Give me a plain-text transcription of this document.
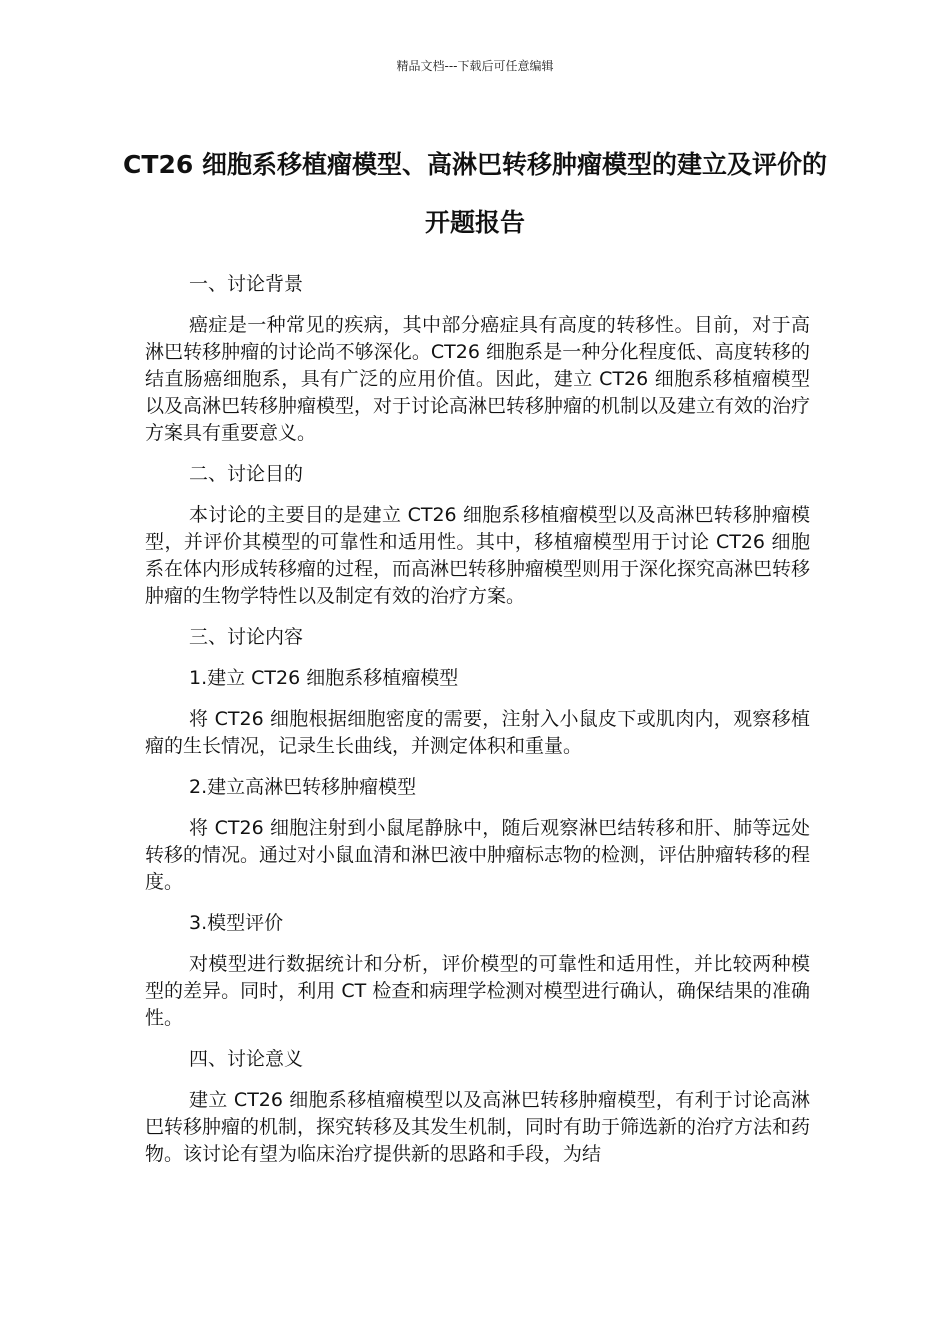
精品文档---下载后可任意编辑
CT26 细胞系移植瘤模型、高淋巴转移肿瘤模型的建立及评价的开题报告
一、讨论背景
癌症是一种常见的疾病，其中部分癌症具有高度的转移性。目前，对于高淋巴转移肿瘤的讨论尚不够深化。CT26 细胞系是一种分化程度低、高度转移的结直肠癌细胞系，具有广泛的应用价值。因此，建立 CT26 细胞系移植瘤模型以及高淋巴转移肿瘤模型，对于讨论高淋巴转移肿瘤的机制以及建立有效的治疗方案具有重要意义。
二、讨论目的
本讨论的主要目的是建立 CT26 细胞系移植瘤模型以及高淋巴转移肿瘤模型，并评价其模型的可靠性和适用性。其中，移植瘤模型用于讨论 CT26 细胞系在体内形成转移瘤的过程，而高淋巴转移肿瘤模型则用于深化探究高淋巴转移肿瘤的生物学特性以及制定有效的治疗方案。
三、讨论内容
1.建立 CT26 细胞系移植瘤模型
将 CT26 细胞根据细胞密度的需要，注射入小鼠皮下或肌肉内，观察移植瘤的生长情况，记录生长曲线，并测定体积和重量。
2.建立高淋巴转移肿瘤模型
将 CT26 细胞注射到小鼠尾静脉中，随后观察淋巴结转移和肝、肺等远处转移的情况。通过对小鼠血清和淋巴液中肿瘤标志物的检测，评估肿瘤转移的程度。
3.模型评价
对模型进行数据统计和分析，评价模型的可靠性和适用性，并比较两种模型的差异。同时，利用 CT 检查和病理学检测对模型进行确认，确保结果的准确性。
四、讨论意义
建立 CT26 细胞系移植瘤模型以及高淋巴转移肿瘤模型，有利于讨论高淋巴转移肿瘤的机制，探究转移及其发生机制，同时有助于筛选新的治疗方法和药物。该讨论有望为临床治疗提供新的思路和手段，为结
